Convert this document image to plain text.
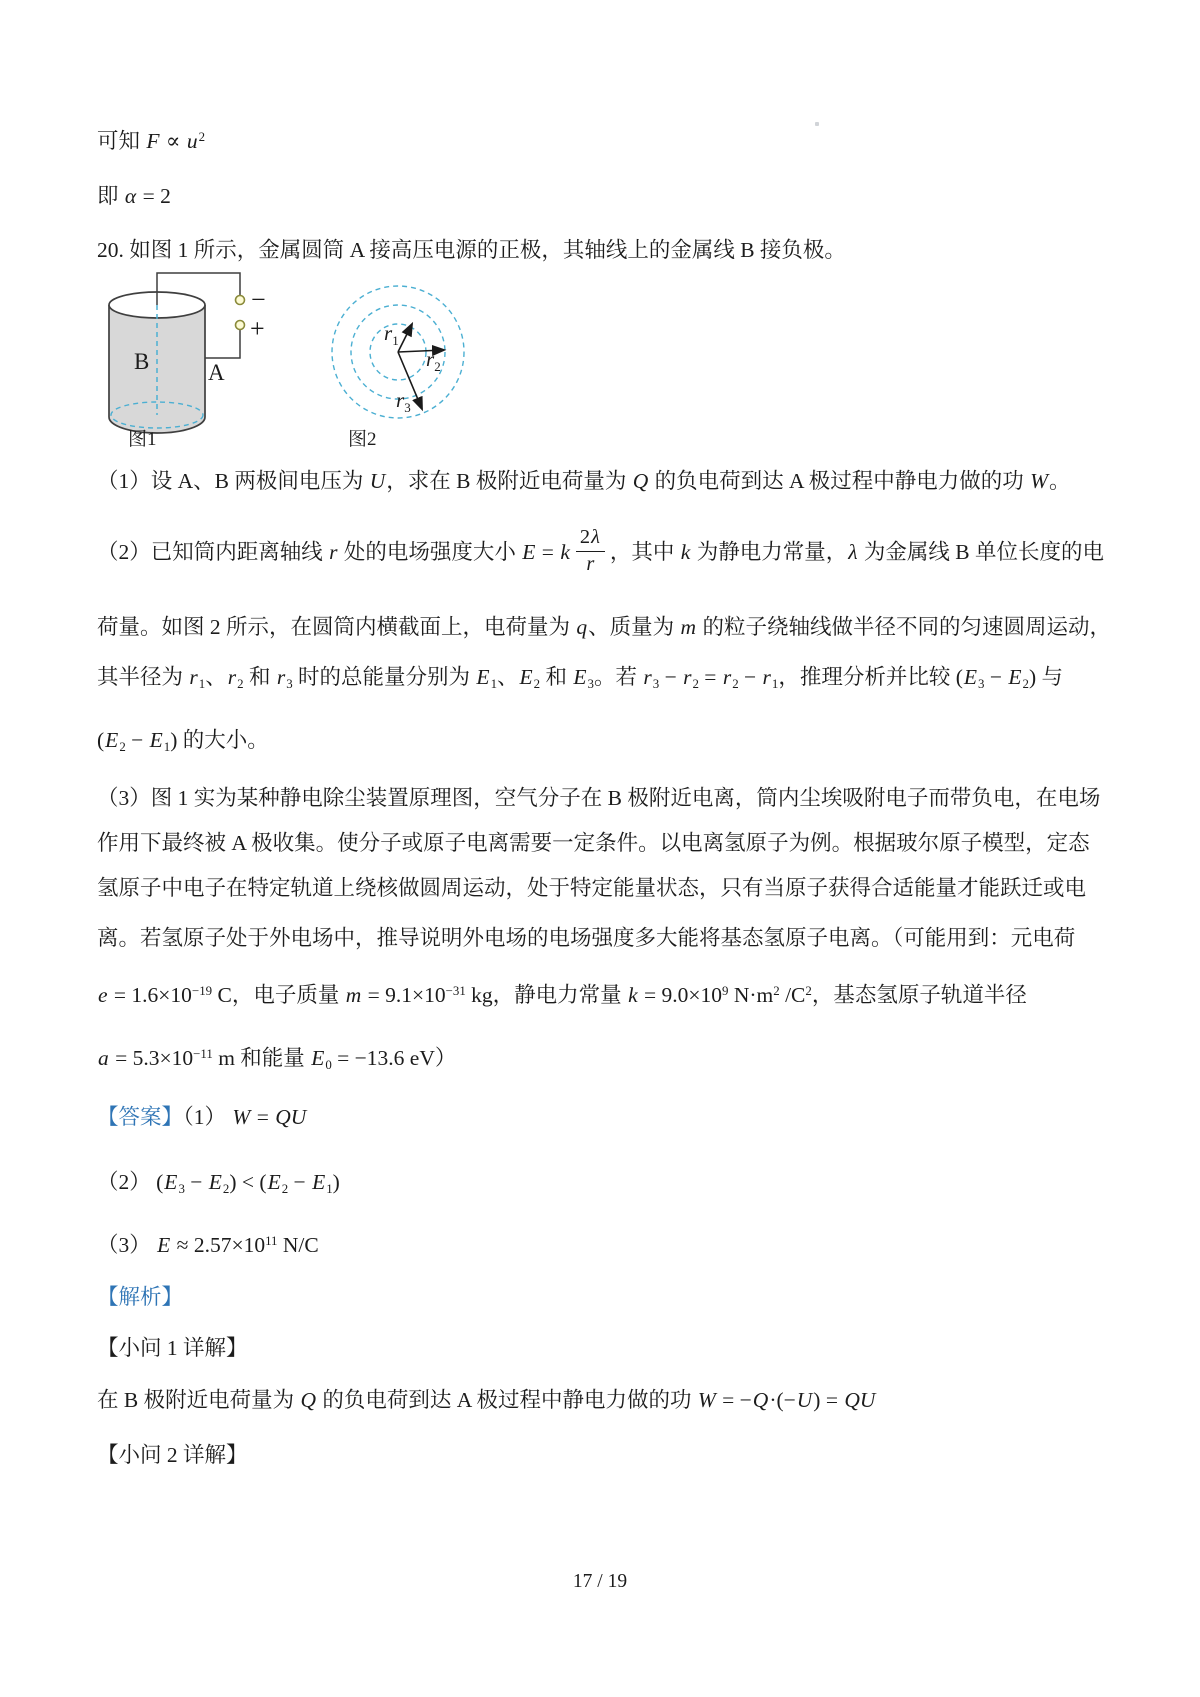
可知 $F \propto u^2$
即 α = 2
20. 如图 1 所示，金属圆筒 A 接高压电源的正极，其轴线上的金属线 B 接负极。
−
+
B	A
图1
$r_1$
$r_2$
$r_3$
图2
（1）设 A、B 两极间电压为 U，求在 B 极附近电荷量为 Q 的负电荷到达 A 极过程中静电力做的功 W。
（2）已知筒内距离轴线 r 处的电场强度大小 E = k $\frac{2\lambda}{r}$ ，其中 k 为静电力常量，λ 为金属线 B 单位长度的电
荷量。如图 2 所示，在圆筒内横截面上，电荷量为 q、质量为 m 的粒子绕轴线做半径不同的匀速圆周运动，
其半径为 $r_1$、$r_2$ 和 $r_3$ 时的总能量分别为 $E_1$、$E_2$ 和 $E_3$。若 $r_3 - r_2 = r_2 - r_1$，推理分析并比较 $(E_3 - E_2)$ 与
$(E_2 - E_1)$ 的大小。
（3）图 1 实为某种静电除尘装置原理图，空气分子在 B 极附近电离，筒内尘埃吸附电子而带负电，在电场
作用下最终被 A 极收集。使分子或原子电离需要一定条件。以电离氢原子为例。根据玻尔原子模型，定态
氢原子中电子在特定轨道上绕核做圆周运动，处于特定能量状态，只有当原子获得合适能量才能跃迁或电
离。若氢原子处于外电场中，推导说明外电场的电场强度多大能将基态氢原子电离。（可能用到：元电荷
$e = 1.6\times 10^{-19}$ C，电子质量 $m = 9.1\times 10^{-31}$ kg，静电力常量 $k = 9.0\times 10^9$ $N\cdot m^2$ $/C^2$，基态氢原子轨道半径
$a = 5.3\times 10^{-11}$ m 和能量 $E_0 = -13.6$ eV）
【答案】（1） W = QU
（2） $(E_3 - E_2) < (E_2 - E_1)$
（3） $E \approx 2.57\times 10^{11}$ N/C
【解析】
【小问 1 详解】
在 B 极附近电荷量为 Q 的负电荷到达 A 极过程中静电力做的功 W = −Q·(−U) = QU
【小问 2 详解】
17 / 19
